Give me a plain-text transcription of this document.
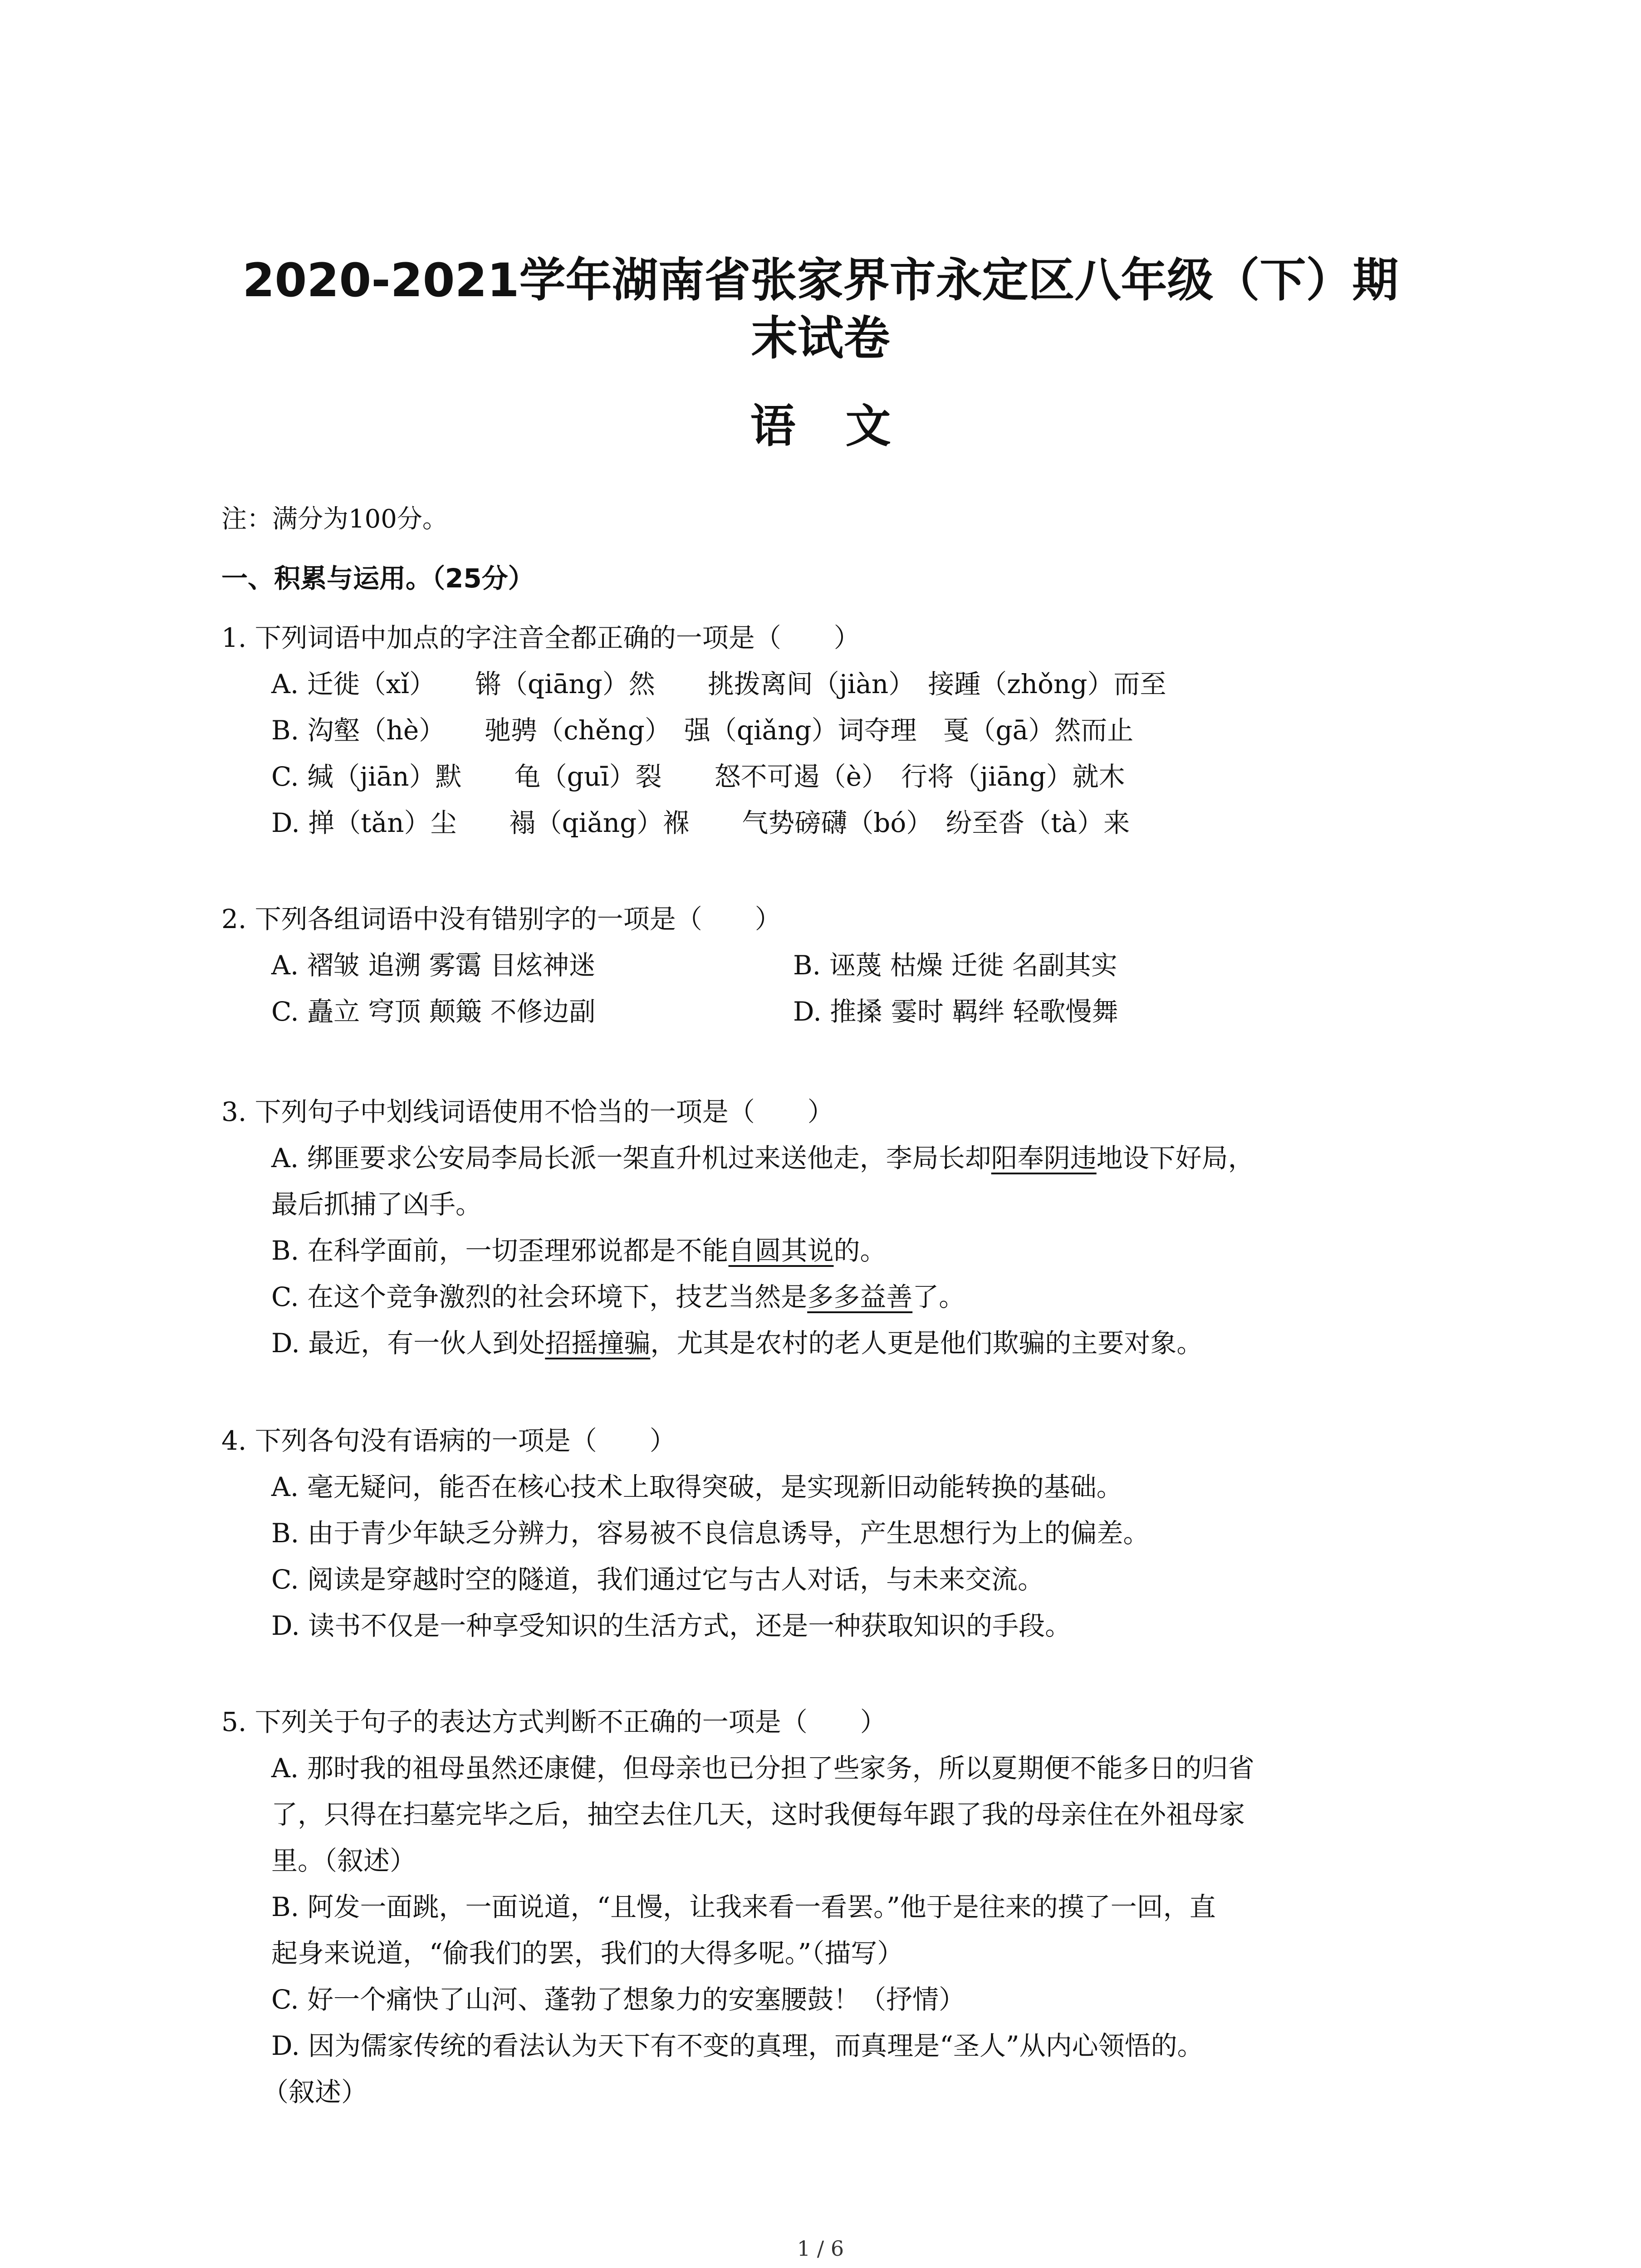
2020-2021学年湖南省张家界市永定区八年级（下）期
末试卷
语文
注：满分为100分。
一、积累与运用。（25分）

1. 下列词语中加点的字注音全都正确的一项是（　　）

A. 迁徙（xǐ）　　锵（qiāng）然　　挑拨离间（jiàn）　接踵（zhǒng）而至

B. 沟壑（hè）　　驰骋（chěng）　强（qiǎng）词夺理　戛（gā）然而止

C. 缄（jiān）默　　龟（guī）裂　　怒不可遏（è）　行将（jiāng）就木

D. 掸（tǎn）尘　　褟（qiǎng）褓　　气势磅礴（bó）　纷至沓（tà）来

2. 下列各组词语中没有错别字的一项是（　　）

A. 褶皱 追溯 雾霭 目炫神迷	B. 诬蔑 枯燥 迁徙 名副其实
C. 矗立 穹顶 颠簸 不修边副	D. 推搡 霎时 羁绊 轻歌慢舞

3. 下列句子中划线词语使用不恰当的一项是（　　）

A. 绑匪要求公安局李局长派一架直升机过来送他走，李局长却阳奉阴违地设下好局，

最后抓捕了凶手。

B. 在科学面前，一切歪理邪说都是不能自圆其说的。

C. 在这个竞争激烈的社会环境下，技艺当然是多多益善了。

D. 最近，有一伙人到处招摇撞骗，尤其是农村的老人更是他们欺骗的主要对象。

4. 下列各句没有语病的一项是（　　）

A. 毫无疑问，能否在核心技术上取得突破，是实现新旧动能转换的基础。

B. 由于青少年缺乏分辨力，容易被不良信息诱导，产生思想行为上的偏差。

C. 阅读是穿越时空的隧道，我们通过它与古人对话，与未来交流。

D. 读书不仅是一种享受知识的生活方式，还是一种获取知识的手段。

5. 下列关于句子的表达方式判断不正确的一项是（　　）

A. 那时我的祖母虽然还康健，但母亲也已分担了些家务，所以夏期便不能多日的归省

了，只得在扫墓完毕之后，抽空去住几天，这时我便每年跟了我的母亲住在外祖母家

里。（叙述）

B. 阿发一面跳，一面说道，“且慢，让我来看一看罢。”他于是往来的摸了一回，直

起身来说道，“偷我们的罢，我们的大得多呢。”（描写）

C. 好一个痛快了山河、蓬勃了想象力的安塞腰鼓！（抒情）

D. 因为儒家传统的看法认为天下有不变的真理，而真理是“圣人”从内心领悟的。

（叙述）

1 / 6
